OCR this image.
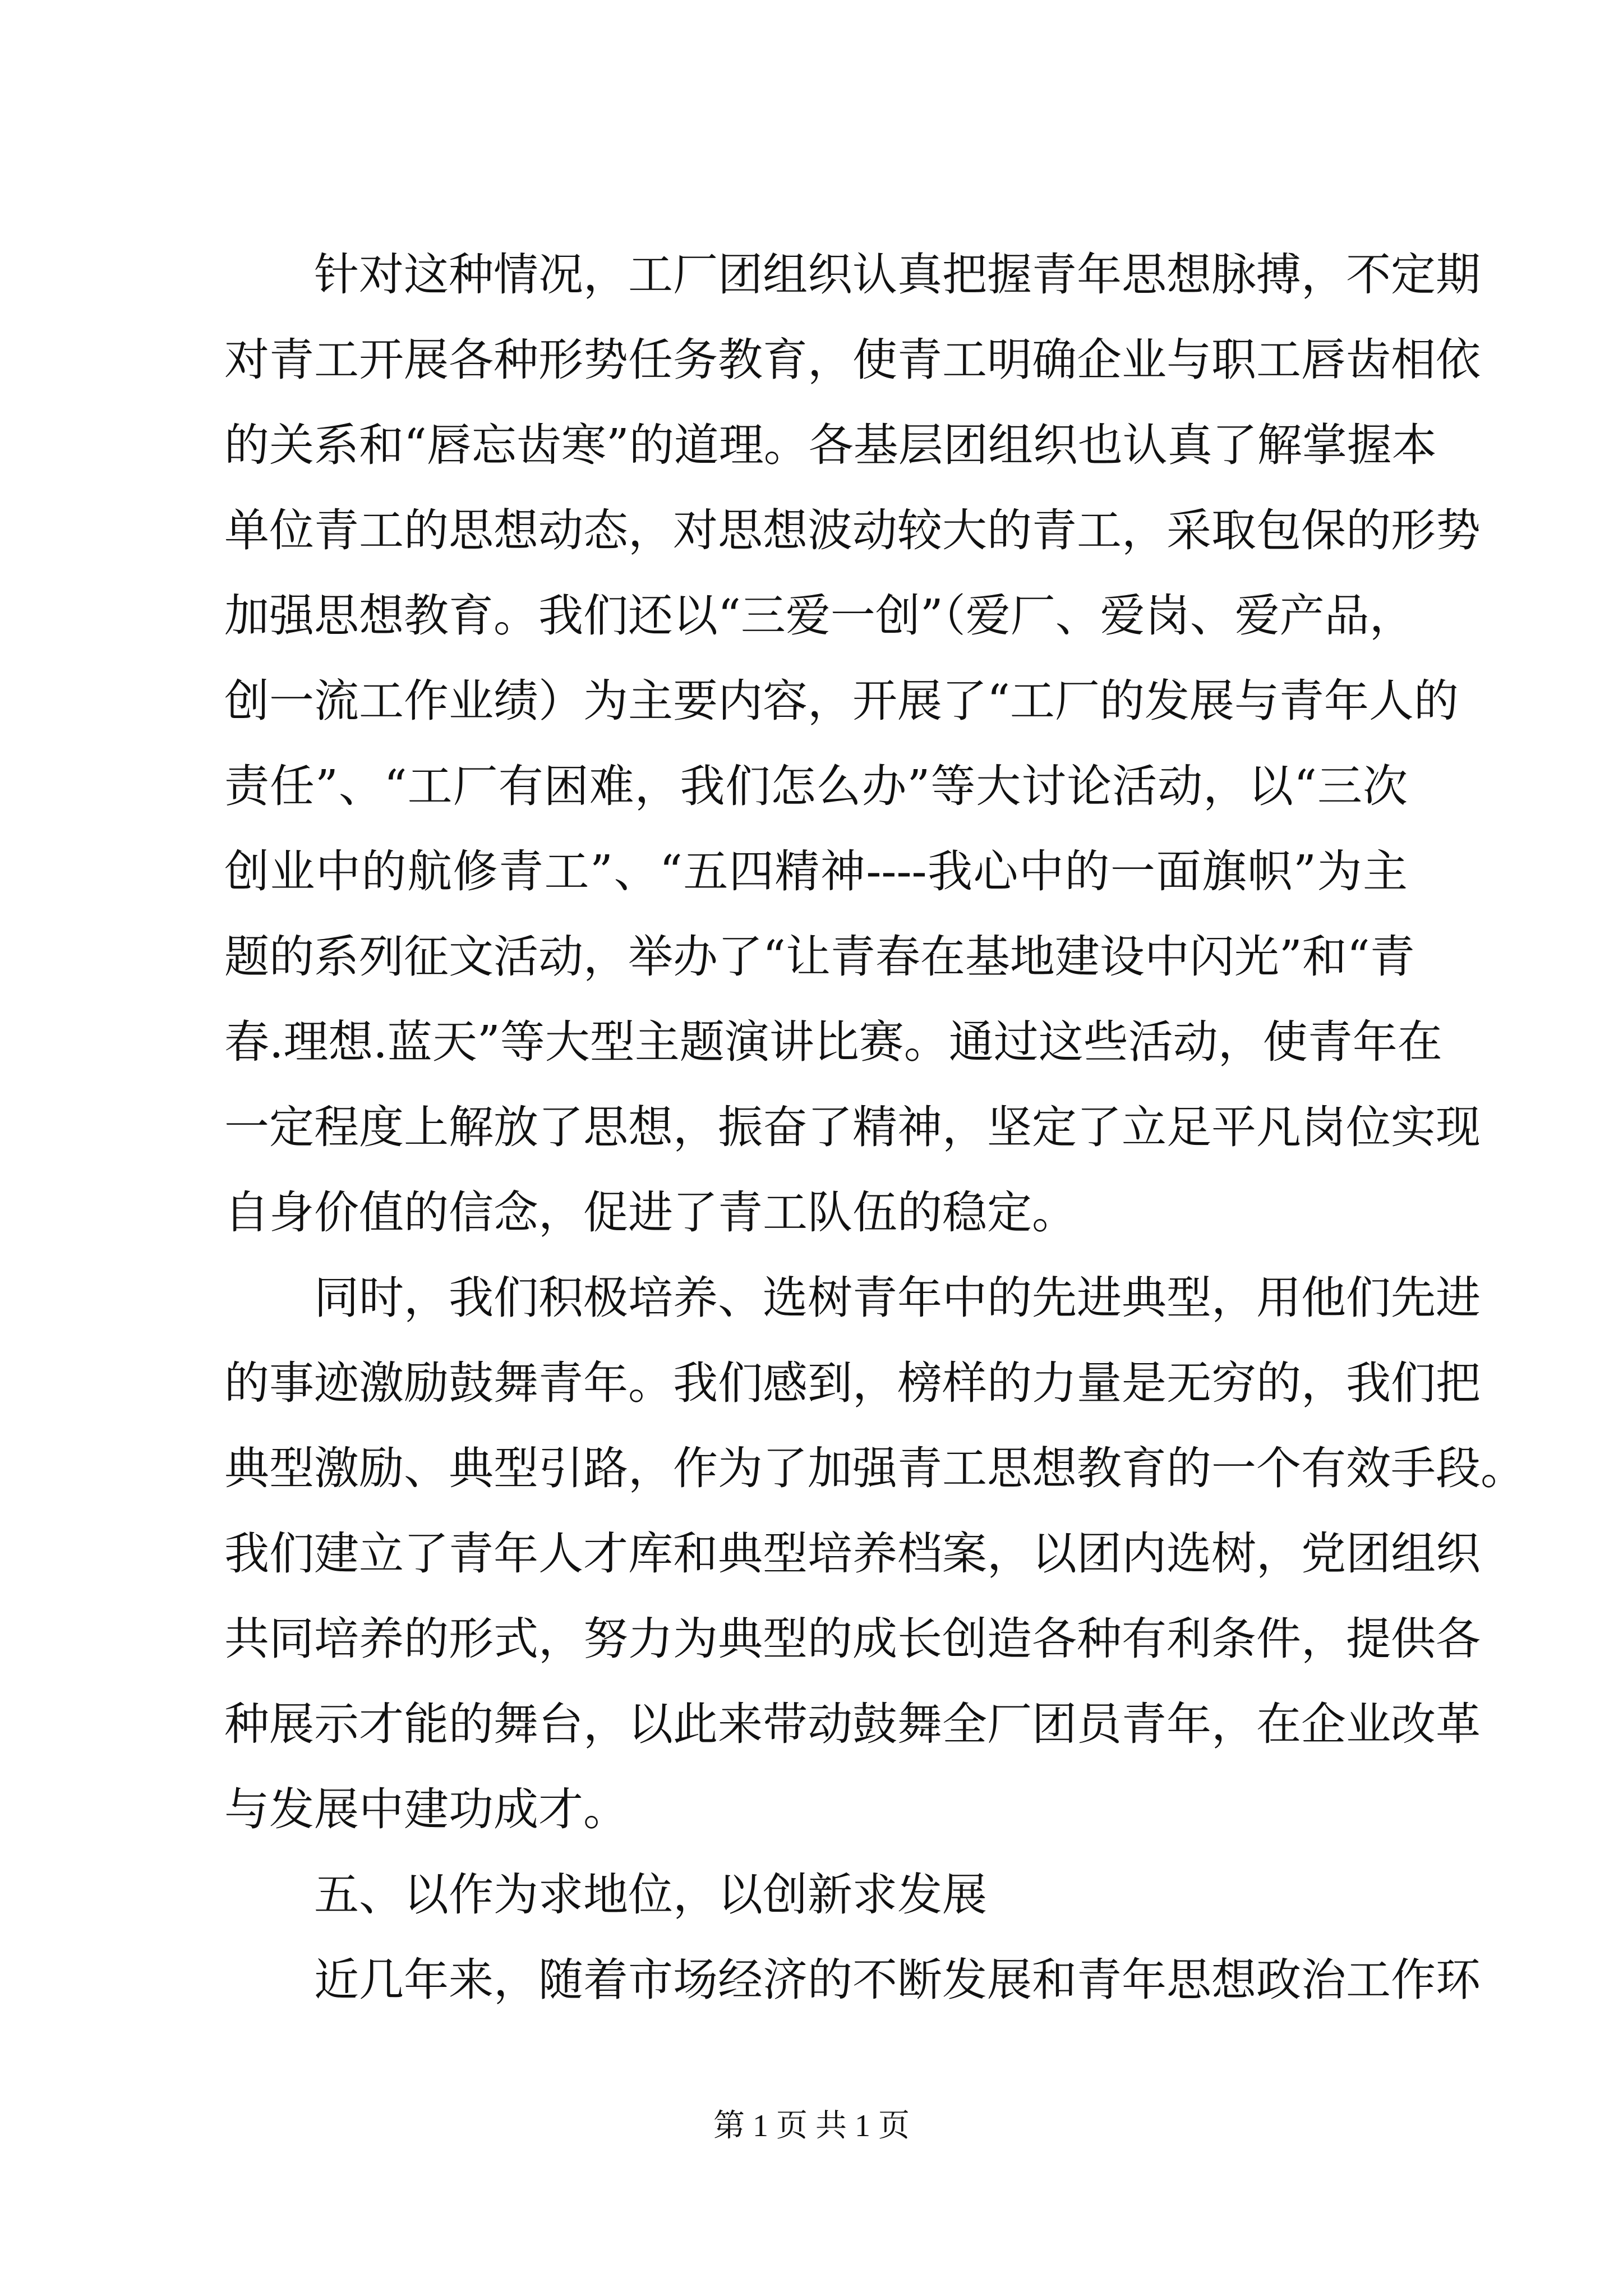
针对这种情况，工厂团组织认真把握青年思想脉搏，不定期
对青工开展各种形势任务教育，使青工明确企业与职工唇齿相依
的关系和“唇忘齿寒”的道理。各基层团组织也认真了解掌握本
单位青工的思想动态，对思想波动较大的青工，采取包保的形势
加强思想教育。我们还以“三爱一创”（爱厂、爱岗、爱产品，
创一流工作业绩）为主要内容，开展了“工厂的发展与青年人的
责任”、“工厂有困难，我们怎么办”等大讨论活动，以“三次
创业中的航修青工”、“五四精神----我心中的一面旗帜”为主
题的系列征文活动，举办了“让青春在基地建设中闪光”和“青
春.理想.蓝天”等大型主题演讲比赛。通过这些活动，使青年在
一定程度上解放了思想，振奋了精神，坚定了立足平凡岗位实现
自身价值的信念，促进了青工队伍的稳定。
同时，我们积极培养、选树青年中的先进典型，用他们先进
的事迹激励鼓舞青年。我们感到，榜样的力量是无穷的，我们把
典型激励、典型引路，作为了加强青工思想教育的一个有效手段。
我们建立了青年人才库和典型培养档案，以团内选树，党团组织
共同培养的形式，努力为典型的成长创造各种有利条件，提供各
种展示才能的舞台，以此来带动鼓舞全厂团员青年，在企业改革
与发展中建功成才。
五、以作为求地位，以创新求发展
近几年来，随着市场经济的不断发展和青年思想政治工作环
第 1 页 共 1 页
